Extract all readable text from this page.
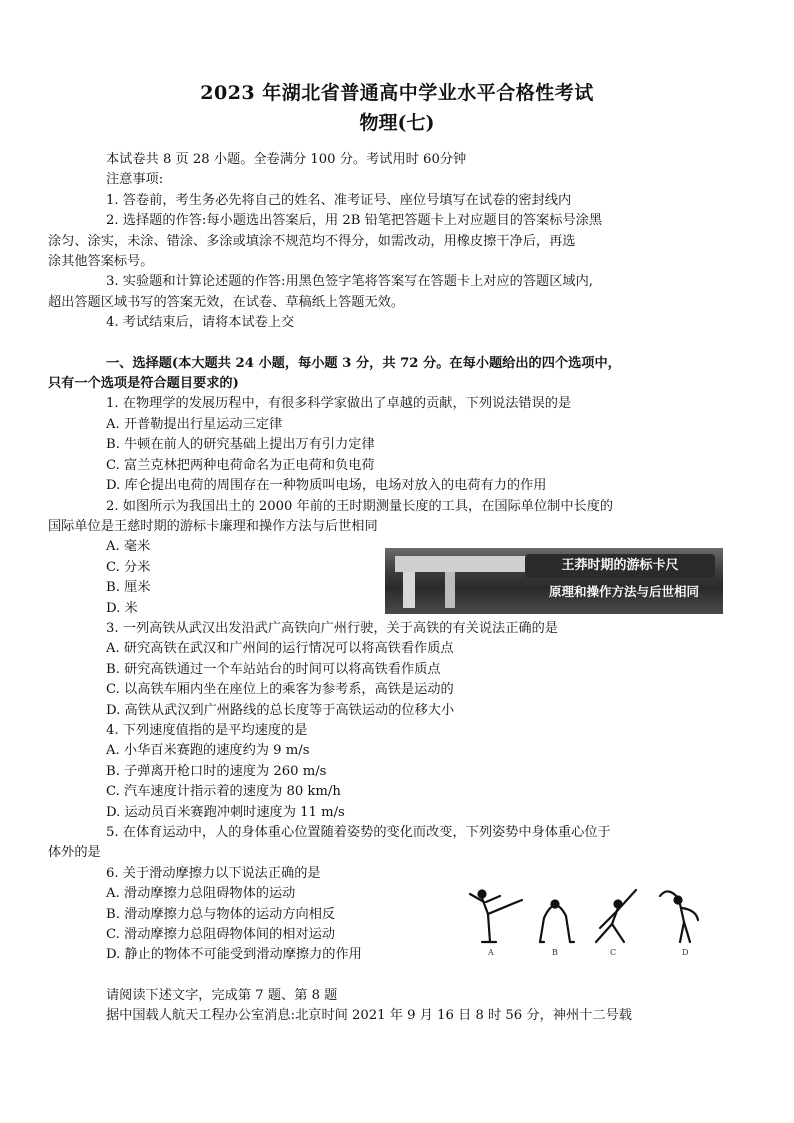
2023 年湖北省普通高中学业水平合格性考试
物理(七)

本试卷共 8 页 28 小题。全卷满分 100 分。考试用时 60分钟

注意事项:

1. 答卷前，考生务必先将自己的姓名、准考证号、座位号填写在试卷的密封线内

2. 选择题的作答:每小题选出答案后，用 2B 铅笔把答题卡上对应题目的答案标号涂黑

涂匀、涂实，未涂、错涂、多涂或填涂不规范均不得分，如需改动，用橡皮擦干净后，再选

涂其他答案标号。

3. 实验题和计算论述题的作答:用黑色签字笔将答案写在答题卡上对应的答题区域内,

超出答题区域书写的答案无效，在试卷、草稿纸上答题无效。

4. 考试结束后，请将本试卷上交

一、选择题(本大题共 24 小题，每小题 3 分，共 72 分。在每小题给出的四个选项中，

只有一个选项是符合题目要求的)

1. 在物理学的发展历程中，有很多科学家做出了卓越的贡献，下列说法错误的是

A. 开普勒提出行星运动三定律

B. 牛顿在前人的研究基础上提出万有引力定律

C. 富兰克林把两种电荷命名为正电荷和负电荷

D. 库仑提出电荷的周围存在一种物质叫电场，电场对放入的电荷有力的作用

2. 如图所示为我国出土的 2000 年前的王时期测量长度的工具，在国际单位制中长度的

国际单位是王慈时期的游标卡廉理和操作方法与后世相同

A. 毫米

C. 分米

B. 厘米

D. 米

3. 一列高铁从武汉出发沿武广高铁向广州行驶，关于高铁的有关说法正确的是

A. 研究高铁在武汉和广州间的运行情况可以将高铁看作质点

B. 研究高铁通过一个车站站台的时间可以将高铁看作质点

C. 以高铁车厢内坐在座位上的乘客为参考系，高铁是运动的

D. 高铁从武汉到广州路线的总长度等于高铁运动的位移大小

4. 下列速度值指的是平均速度的是

A. 小华百米赛跑的速度约为 9 m/s

B. 子弹离开枪口时的速度为 260 m/s

C. 汽车速度计指示着的速度为 80 km/h

D. 运动员百米赛跑冲刺时速度为 11 m/s

5. 在体育运动中，人的身体重心位置随着姿势的变化而改变，下列姿势中身体重心位于

体外的是

6. 关于滑动摩擦力以下说法正确的是

A. 滑动摩擦力总阻碍物体的运动

B. 滑动摩擦力总与物体的运动方向相反

C. 滑动摩擦力总阻碍物体间的相对运动

D. 静止的物体不可能受到滑动摩擦力的作用

请阅读下述文字，完成第 7 题、第 8 题

据中国载人航天工程办公室消息:北京时间 2021 年 9 月 16 日 8 时 56 分，神州十二号载

王莽时期的游标卡尺
原理和操作方法与后世相同
A	B	C	D
